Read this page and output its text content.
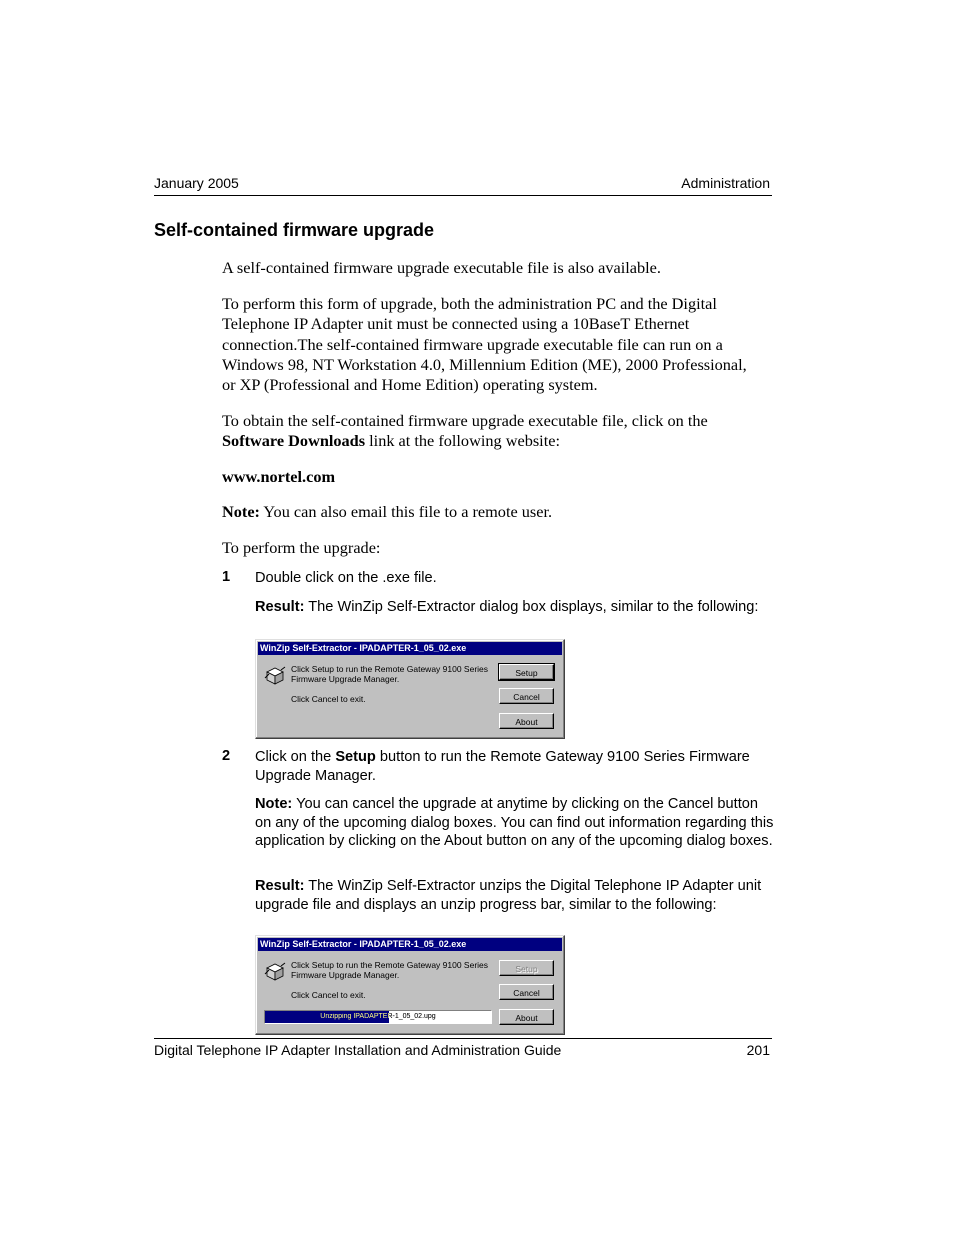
January 2005	Administration
Self-contained firmware upgrade
A self-contained firmware upgrade executable file is also available.
To perform this form of upgrade, both the administration PC and the Digital
Telephone IP Adapter unit must be connected using a 10BaseT Ethernet
connection.The self-contained firmware upgrade executable file can run on a
Windows 98, NT Workstation 4.0, Millennium Edition (ME), 2000 Professional,
or XP (Professional and Home Edition) operating system.
To obtain the self-contained firmware upgrade executable file, click on the
Software Downloads link at the following website:
www.nortel.com
Note: You can also email this file to a remote user.
To perform the upgrade:
1 Double click on the .exe file.
Result: The WinZip Self-Extractor dialog box displays, similar to the following:
WinZip Self-Extractor - IPADAPTER-1_05_02.exe
Click Setup to run the Remote Gateway 9100 Series
Firmware Upgrade Manager.
Click Cancel to exit.
Setup
Cancel
About
2 Click on the Setup button to run the Remote Gateway 9100 Series Firmware Upgrade Manager.
Note: You can cancel the upgrade at anytime by clicking on the Cancel button on any of the upcoming dialog boxes. You can find out information regarding this application by clicking on the About button on any of the upcoming dialog boxes.
Result: The WinZip Self-Extractor unzips the Digital Telephone IP Adapter unit upgrade file and displays an unzip progress bar, similar to the following:
WinZip Self-Extractor - IPADAPTER-1_05_02.exe
Click Setup to run the Remote Gateway 9100 Series
Firmware Upgrade Manager.
Click Cancel to exit.
Setup
Cancel
About
Unzipping IPADAPTER-1_05_02.upg
Digital Telephone IP Adapter Installation and Administration Guide	201
